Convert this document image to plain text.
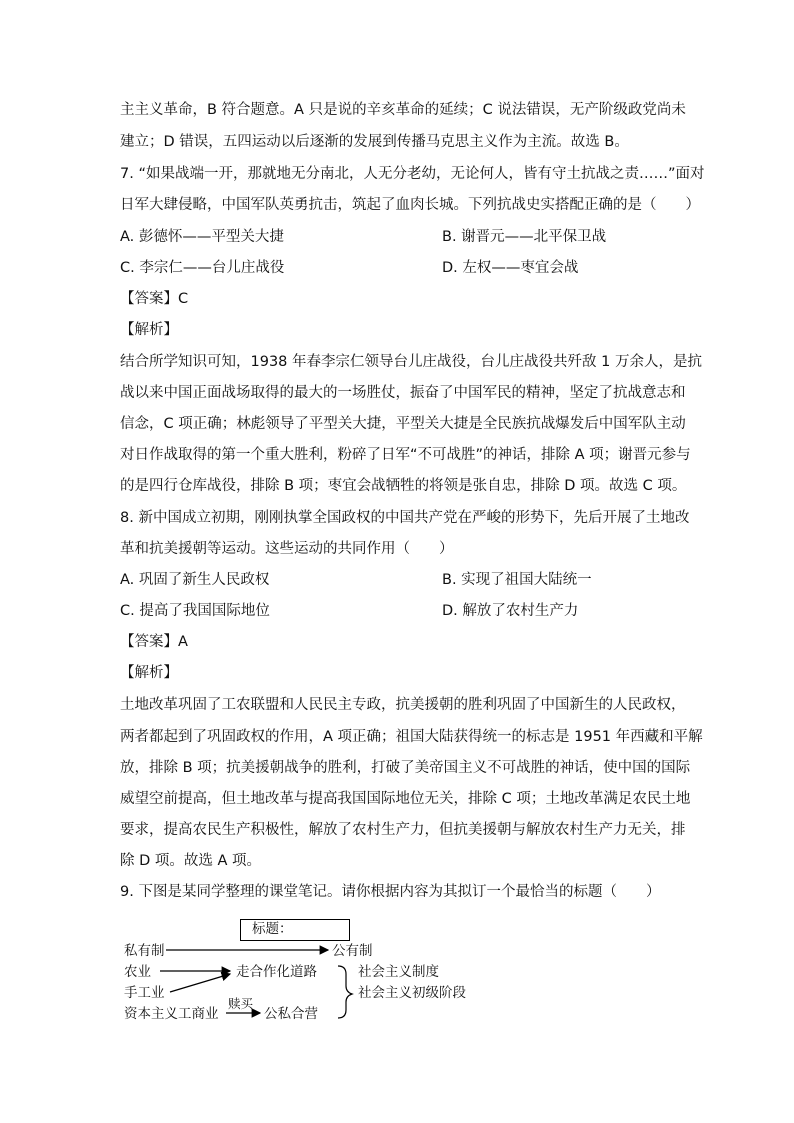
主主义革命，B 符合题意。A 只是说的辛亥革命的延续；C 说法错误，无产阶级政党尚未
建立；D 错误，五四运动以后逐渐的发展到传播马克思主义作为主流。故选 B。
7. “如果战端一开，那就地无分南北，人无分老幼，无论何人，皆有守土抗战之责……”面对
日军大肆侵略，中国军队英勇抗击，筑起了血肉长城。下列抗战史实搭配正确的是（　　）
A. 彭德怀——平型关大捷	B. 谢晋元——北平保卫战
C. 李宗仁——台儿庄战役	D. 左权——枣宜会战
【答案】C
【解析】
结合所学知识可知，1938 年春李宗仁领导台儿庄战役，台儿庄战役共歼敌 1 万余人，是抗
战以来中国正面战场取得的最大的一场胜仗，振奋了中国军民的精神，坚定了抗战意志和
信念，C 项正确；林彪领导了平型关大捷，平型关大捷是全民族抗战爆发后中国军队主动
对日作战取得的第一个重大胜利，粉碎了日军“不可战胜”的神话，排除 A 项；谢晋元参与
的是四行仓库战役，排除 B 项；枣宜会战牺牲的将领是张自忠，排除 D 项。故选 C 项。
8. 新中国成立初期，刚刚执掌全国政权的中国共产党在严峻的形势下，先后开展了土地改
革和抗美援朝等运动。这些运动的共同作用（　　）
A. 巩固了新生人民政权	B. 实现了祖国大陆统一
C. 提高了我国国际地位	D. 解放了农村生产力
【答案】A
【解析】
土地改革巩固了工农联盟和人民民主专政，抗美援朝的胜利巩固了中国新生的人民政权，
两者都起到了巩固政权的作用，A 项正确；祖国大陆获得统一的标志是 1951 年西藏和平解
放，排除 B 项；抗美援朝战争的胜利，打破了美帝国主义不可战胜的神话，使中国的国际
威望空前提高，但土地改革与提高我国国际地位无关，排除 C 项；土地改革满足农民土地
要求，提高农民生产积极性，解放了农村生产力，但抗美援朝与解放农村生产力无关，排
除 D 项。故选 A 项。
9. 下图是某同学整理的课堂笔记。请你根据内容为其拟订一个最恰当的标题（　　）
标题：
私有制	公有制
农业	走合作化道路	社会主义制度
手工业	社会主义初级阶段
资本主义工商业
赎买
公私合营
